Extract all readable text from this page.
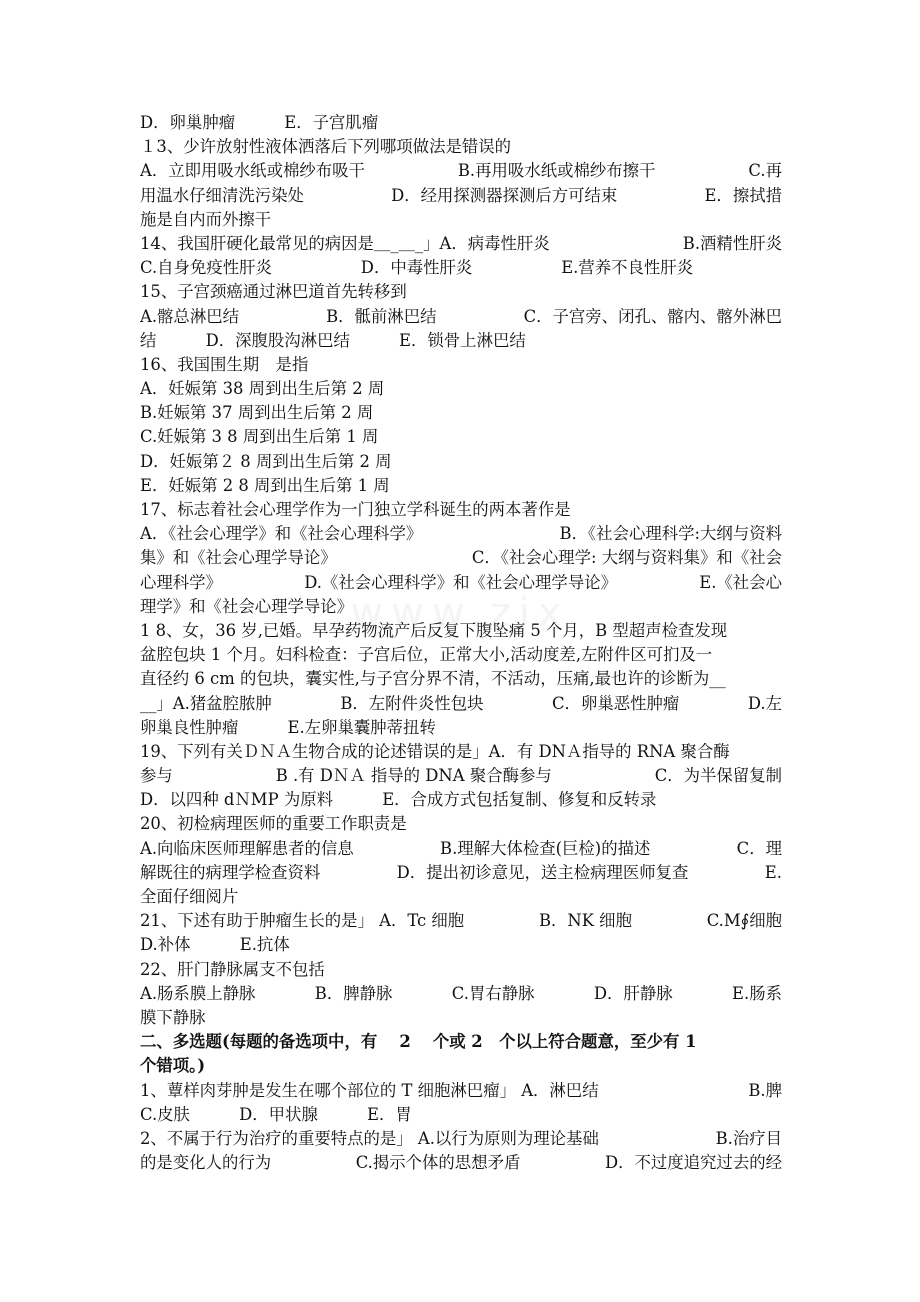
D．卵巢肿瘤	E．子宫肌瘤
１3、少许放射性液体洒落后下列哪项做法是错误的
A．立即用吸水纸或棉纱布吸干	B.再用吸水纸或棉纱布擦干	C.再
用温水仔细清洗污染处	D．经用探测器探测后方可结束	E．擦拭措
施是自内而外擦干
14、我国肝硬化最常见的病因是＿_＿_」A．病毒性肝炎	B.酒精性肝炎
C.自身免疫性肝炎	D．中毒性肝炎	E.营养不良性肝炎
15、子宫颈癌通过淋巴道首先转移到
A.髂总淋巴结	B．骶前淋巴结	C．子宫旁、闭孔、髂内、髂外淋巴
结	D．深腹股沟淋巴结	E．锁骨上淋巴结
16、我国围生期　是指
A．妊娠第 38 周到出生后第 2 周
B.妊娠第 37 周到出生后第 2 周
C.妊娠第 3 8 周到出生后第 1 周
D．妊娠第２ 8 周到出生后第 2 周
E．妊娠第 2 8 周到出生后第 1 周
17、标志着社会心理学作为一门独立学科诞生的两本著作是
A．《社会心理学》和《社会心理科学》	B．《社会心理科学:大纲与资料
集》和《社会心理学导论》	C．《社会心理学: 大纲与资料集》和《社会
心理科学》	D.《社会心理科学》和《社会心理学导论》	E.《社会心
理学》和《社会心理学导论》
1 8、女，36 岁,已婚。早孕药物流产后反复下腹坠痛 5 个月，B 型超声检查发现
盆腔包块 1 个月。妇科检查：子宫后位，正常大小,活动度差,左附件区可扪及一
直径约 6 cm 的包块，囊实性,与子宫分界不清，不活动，压痛,最也许的诊断为__
__」A.猪盆腔脓肿	B．左附件炎性包块	C．卵巢恶性肿瘤	D.左
卵巢良性肿瘤	E.左卵巢囊肿蒂扭转
19、下列有关ＤＮＡ生物合成的论述错误的是」A．有 DNＡ指导的 RNA 聚合酶
参与	B .有 DＮＡ 指导的 DNA 聚合酶参与	C．为半保留复制
D．以四种 dＮMP 为原料	E．合成方式包括复制、修复和反转录
20、初检病理医师的重要工作职责是
A.向临床医师理解患者的信息	B.理解大体检查(巨检)的描述	C．理
解既往的病理学检查资料	D．提出初诊意见，送主检病理医师复查	E.
全面仔细阅片
21、下述有助于肿瘤生长的是」 A．Tc 细胞	B．NK 细胞	C.M∮细胞
D.补体	E.抗体
22、肝门静脉属支不包括
A.肠系膜上静脉	B．脾静脉	C.胃右静脉	D．肝静脉	E.肠系
膜下静脉
二、多选题(每题的备选项中，有　 2　 个或 2　个以上符合题意，至少有 1
个错项。)
1、蕈样肉芽肿是发生在哪个部位的 T 细胞淋巴瘤」 A．淋巴结	B.脾
C.皮肤	D．甲状腺	E．胃
2、不属于行为治疗的重要特点的是」 A.以行为原则为理论基础	B.治疗目
的是变化人的行为	C.揭示个体的思想矛盾	D．不过度追究过去的经
